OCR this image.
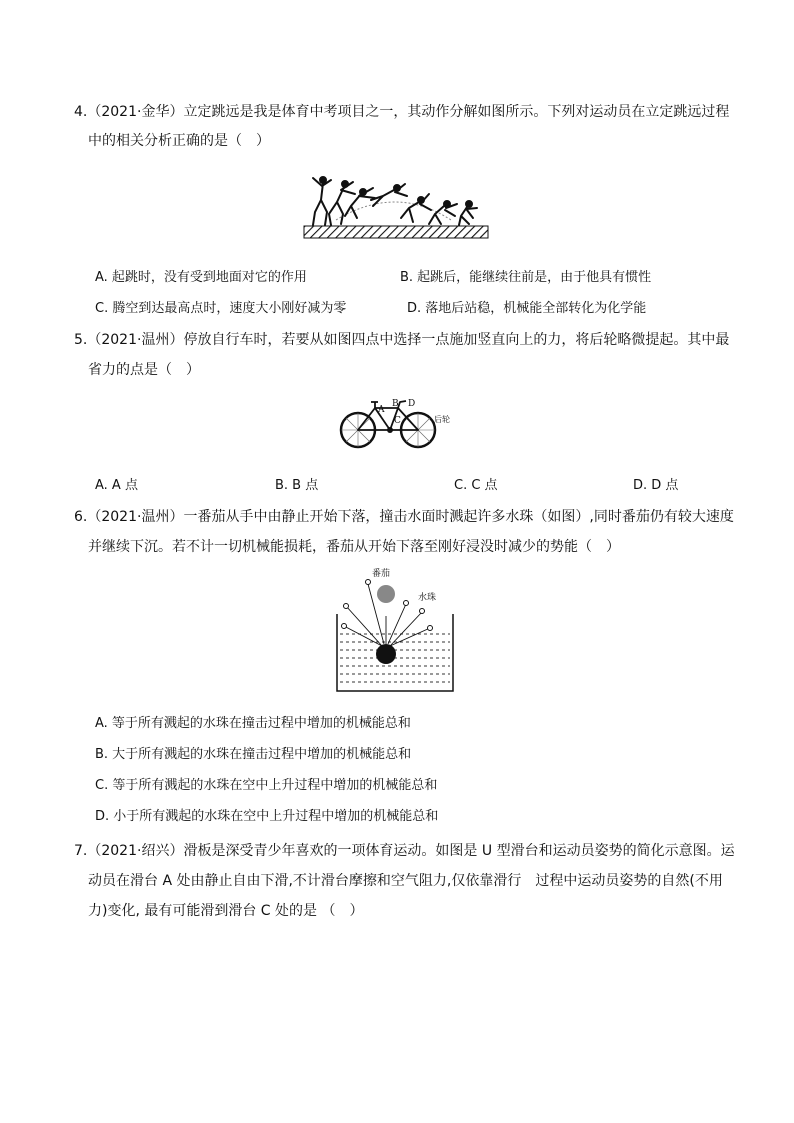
4.（2021·金华）立定跳远是我是体育中考项目之一，其动作分解如图所示。下列对运动员在立定跳远过程
中的相关分析正确的是（　）
A. 起跳时，没有受到地面对它的作用	B. 起跳后，能继续往前是，由于他具有惯性
C. 腾空到达最高点时，速度大小刚好减为零	D. 落地后站稳，机械能全部转化为化学能
5.（2021·温州）停放自行车时，若要从如图四点中选择一点施加竖直向上的力，将后轮略微提起。其中最
省力的点是（　）
A
B
C
D
后轮
A. A 点	B. B 点	C. C 点	D. D 点
6.（2021·温州）一番茄从手中由静止开始下落，撞击水面时溅起许多水珠（如图）,同时番茄仍有较大速度
并继续下沉。若不计一切机械能损耗，番茄从开始下落至刚好浸没时减少的势能（　）
番茄
水珠
A. 等于所有溅起的水珠在撞击过程中增加的机械能总和
B. 大于所有溅起的水珠在撞击过程中增加的机械能总和
C. 等于所有溅起的水珠在空中上升过程中增加的机械能总和
D. 小于所有溅起的水珠在空中上升过程中增加的机械能总和
7.（2021·绍兴）滑板是深受青少年喜欢的一项体育运动。如图是 U 型滑台和运动员姿势的简化示意图。运
动员在滑台 A 处由静止自由下滑,不计滑台摩擦和空气阻力,仅依靠滑行　过程中运动员姿势的自然(不用
力)变化, 最有可能滑到滑台 C 处的是 （　）
